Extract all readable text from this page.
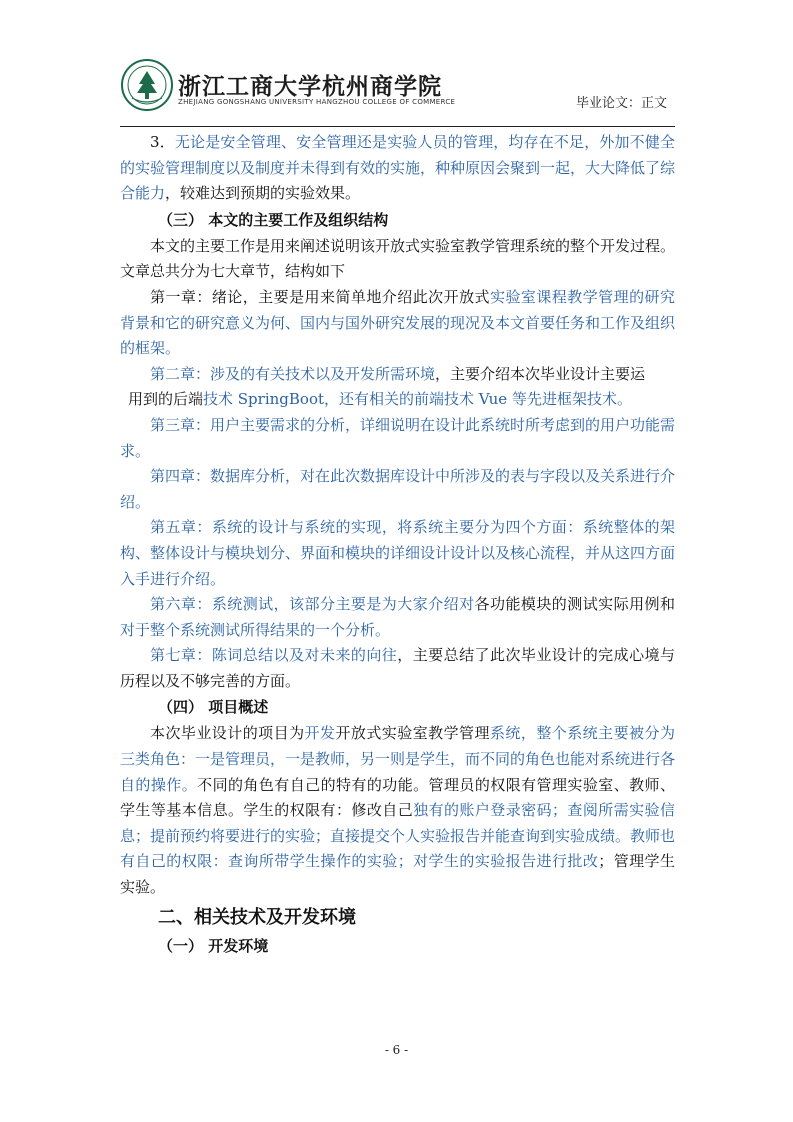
浙江工商大学杭州商学院
ZHEJIANG GONGSHANG UNIVERSITY HANGZHOU COLLEGE OF COMMERCE	毕业论文：正文

3．无论是安全管理、安全管理还是实验人员的管理，均存在不足，外加不健全的实验管理制度以及制度并未得到有效的实施，种种原因会聚到一起，大大降低了综合能力，较难达到预期的实验效果。

（三） 本文的主要工作及组织结构

本文的主要工作是用来阐述说明该开放式实验室教学管理系统的整个开发过程。文章总共分为七大章节，结构如下

第一章：绪论，主要是用来简单地介绍此次开放式实验室课程教学管理的研究背景和它的研究意义为何、国内与国外研究发展的现况及本文首要任务和工作及组织的框架。

第二章：涉及的有关技术以及开发所需环境，主要介绍本次毕业设计主要运
用到的后端技术 SpringBoot，还有相关的前端技术 Vue 等先进框架技术。

第三章：用户主要需求的分析，详细说明在设计此系统时所考虑到的用户功能需求。

第四章：数据库分析，对在此次数据库设计中所涉及的表与字段以及关系进行介绍。

第五章：系统的设计与系统的实现，将系统主要分为四个方面：系统整体的架构、整体设计与模块划分、界面和模块的详细设计设计以及核心流程，并从这四方面入手进行介绍。

第六章：系统测试，该部分主要是为大家介绍对各功能模块的测试实际用例和对于整个系统测试所得结果的一个分析。

第七章：陈词总结以及对未来的向往，主要总结了此次毕业设计的完成心境与历程以及不够完善的方面。

（四） 项目概述

本次毕业设计的项目为开发开放式实验室教学管理系统，整个系统主要被分为三类角色：一是管理员，一是教师，另一则是学生，而不同的角色也能对系统进行各自的操作。不同的角色有自己的特有的功能。管理员的权限有管理实验室、教师、学生等基本信息。学生的权限有：修改自己独有的账户登录密码；查阅所需实验信息；提前预约将要进行的实验；直接提交个人实验报告并能查询到实验成绩。教师也有自己的权限：查询所带学生操作的实验；对学生的实验报告进行批改；管理学生实验。

二、相关技术及开发环境

（一） 开发环境

- 6 -
